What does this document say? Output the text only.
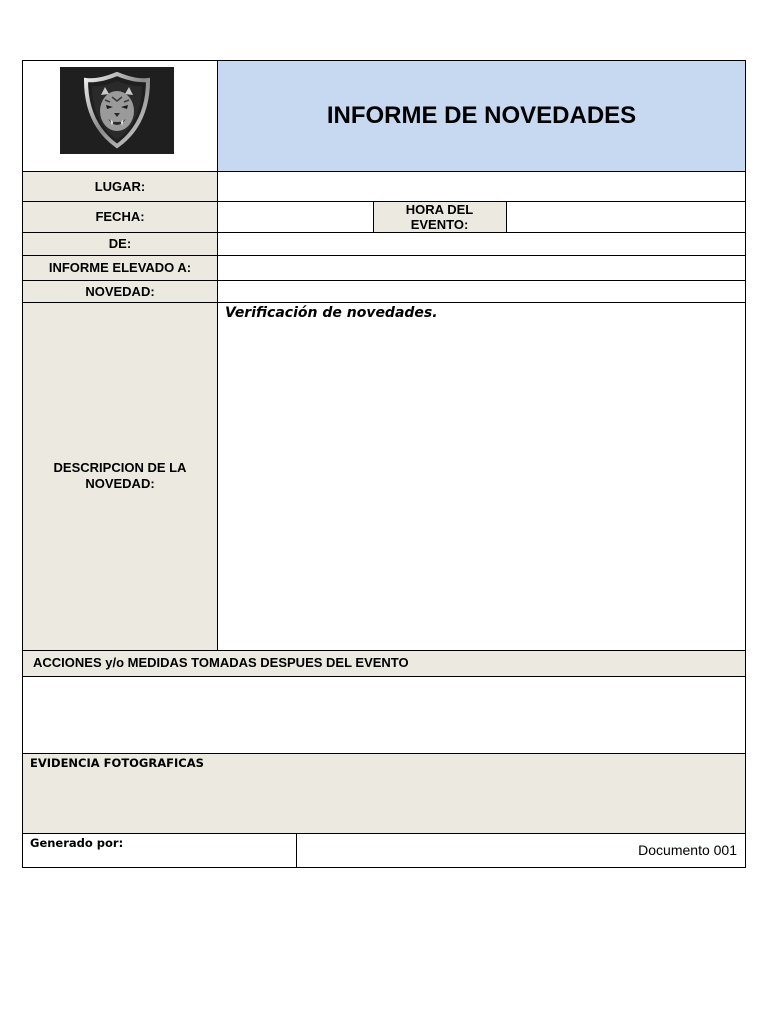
INFORME DE NOVEDADES
LUGAR:
FECHA:	HORA DEL EVENTO:
DE:
INFORME ELEVADO A:
NOVEDAD:
DESCRIPCION DE LA NOVEDAD:
Verificación de novedades.
ACCIONES y/o MEDIDAS TOMADAS DESPUES DEL EVENTO
EVIDENCIA FOTOGRAFICAS
Generado por:	Documento 001
